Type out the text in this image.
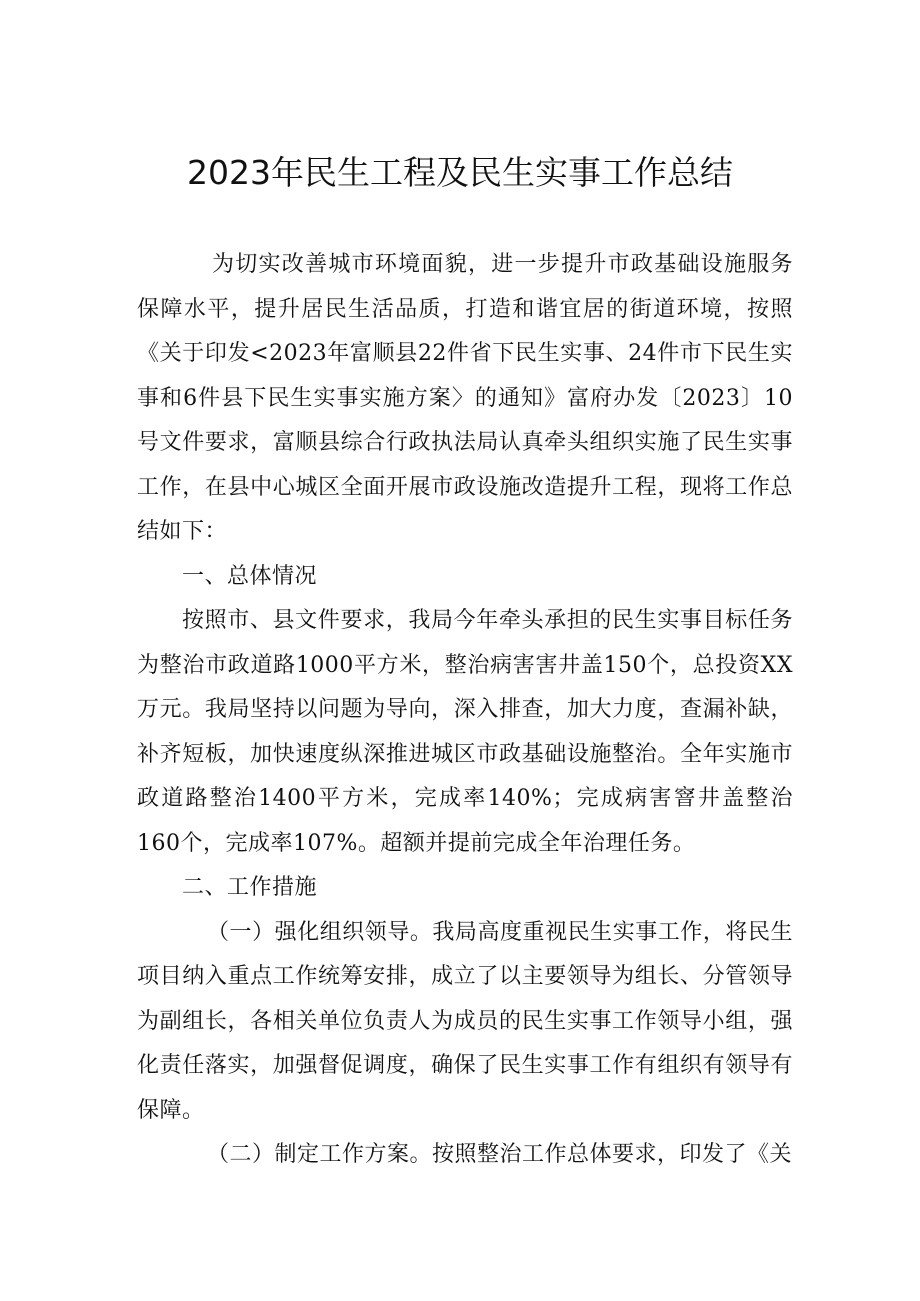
2023年民生工程及民生实事工作总结

为切实改善城市环境面貌，进一步提升市政基础设施服务保障水平，提升居民生活品质，打造和谐宜居的街道环境，按照《关于印发<2023年富顺县22件省下民生实事、24件市下民生实事和6件县下民生实事实施方案〉的通知》富府办发〔2023〕10号文件要求，富顺县综合行政执法局认真牵头组织实施了民生实事工作，在县中心城区全面开展市政设施改造提升工程，现将工作总结如下：

一、总体情况

按照市、县文件要求，我局今年牵头承担的民生实事目标任务为整治市政道路1000平方米，整治病害害井盖150个，总投资XX万元。我局坚持以问题为导向，深入排查，加大力度，查漏补缺，补齐短板，加快速度纵深推进城区市政基础设施整治。全年实施市政道路整治1400平方米，完成率140%；完成病害窨井盖整治160个，完成率107%。超额并提前完成全年治理任务。

二、工作措施

（一）强化组织领导。我局高度重视民生实事工作，将民生项目纳入重点工作统筹安排，成立了以主要领导为组长、分管领导为副组长，各相关单位负责人为成员的民生实事工作领导小组，强化责任落实，加强督促调度，确保了民生实事工作有组织有领导有保障。

（二）制定工作方案。按照整治工作总体要求，印发了《关
